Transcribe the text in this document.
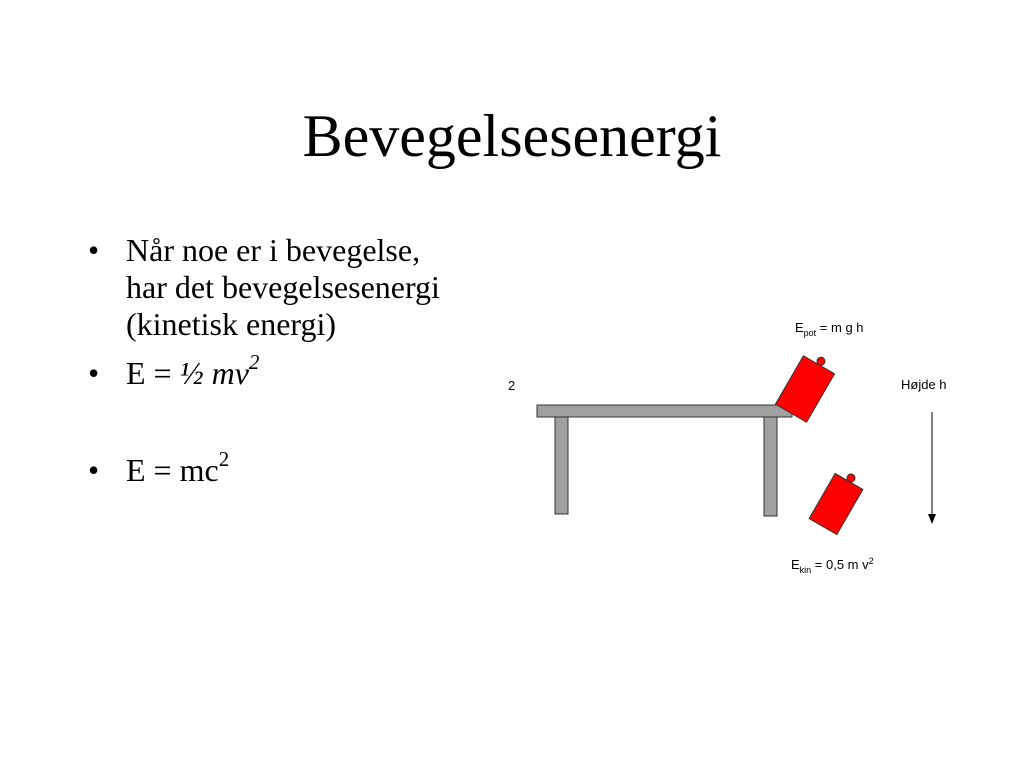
Bevegelsesenergi
• Når noe er i bevegelse, har det bevegelsesenergi (kinetisk energi)
• E = ½ $mv^2$
• $E = mc^2$
2
$E_{pot} = m$ g h
Højde h
$E_{kin} = 0,5$ m $v^2$
